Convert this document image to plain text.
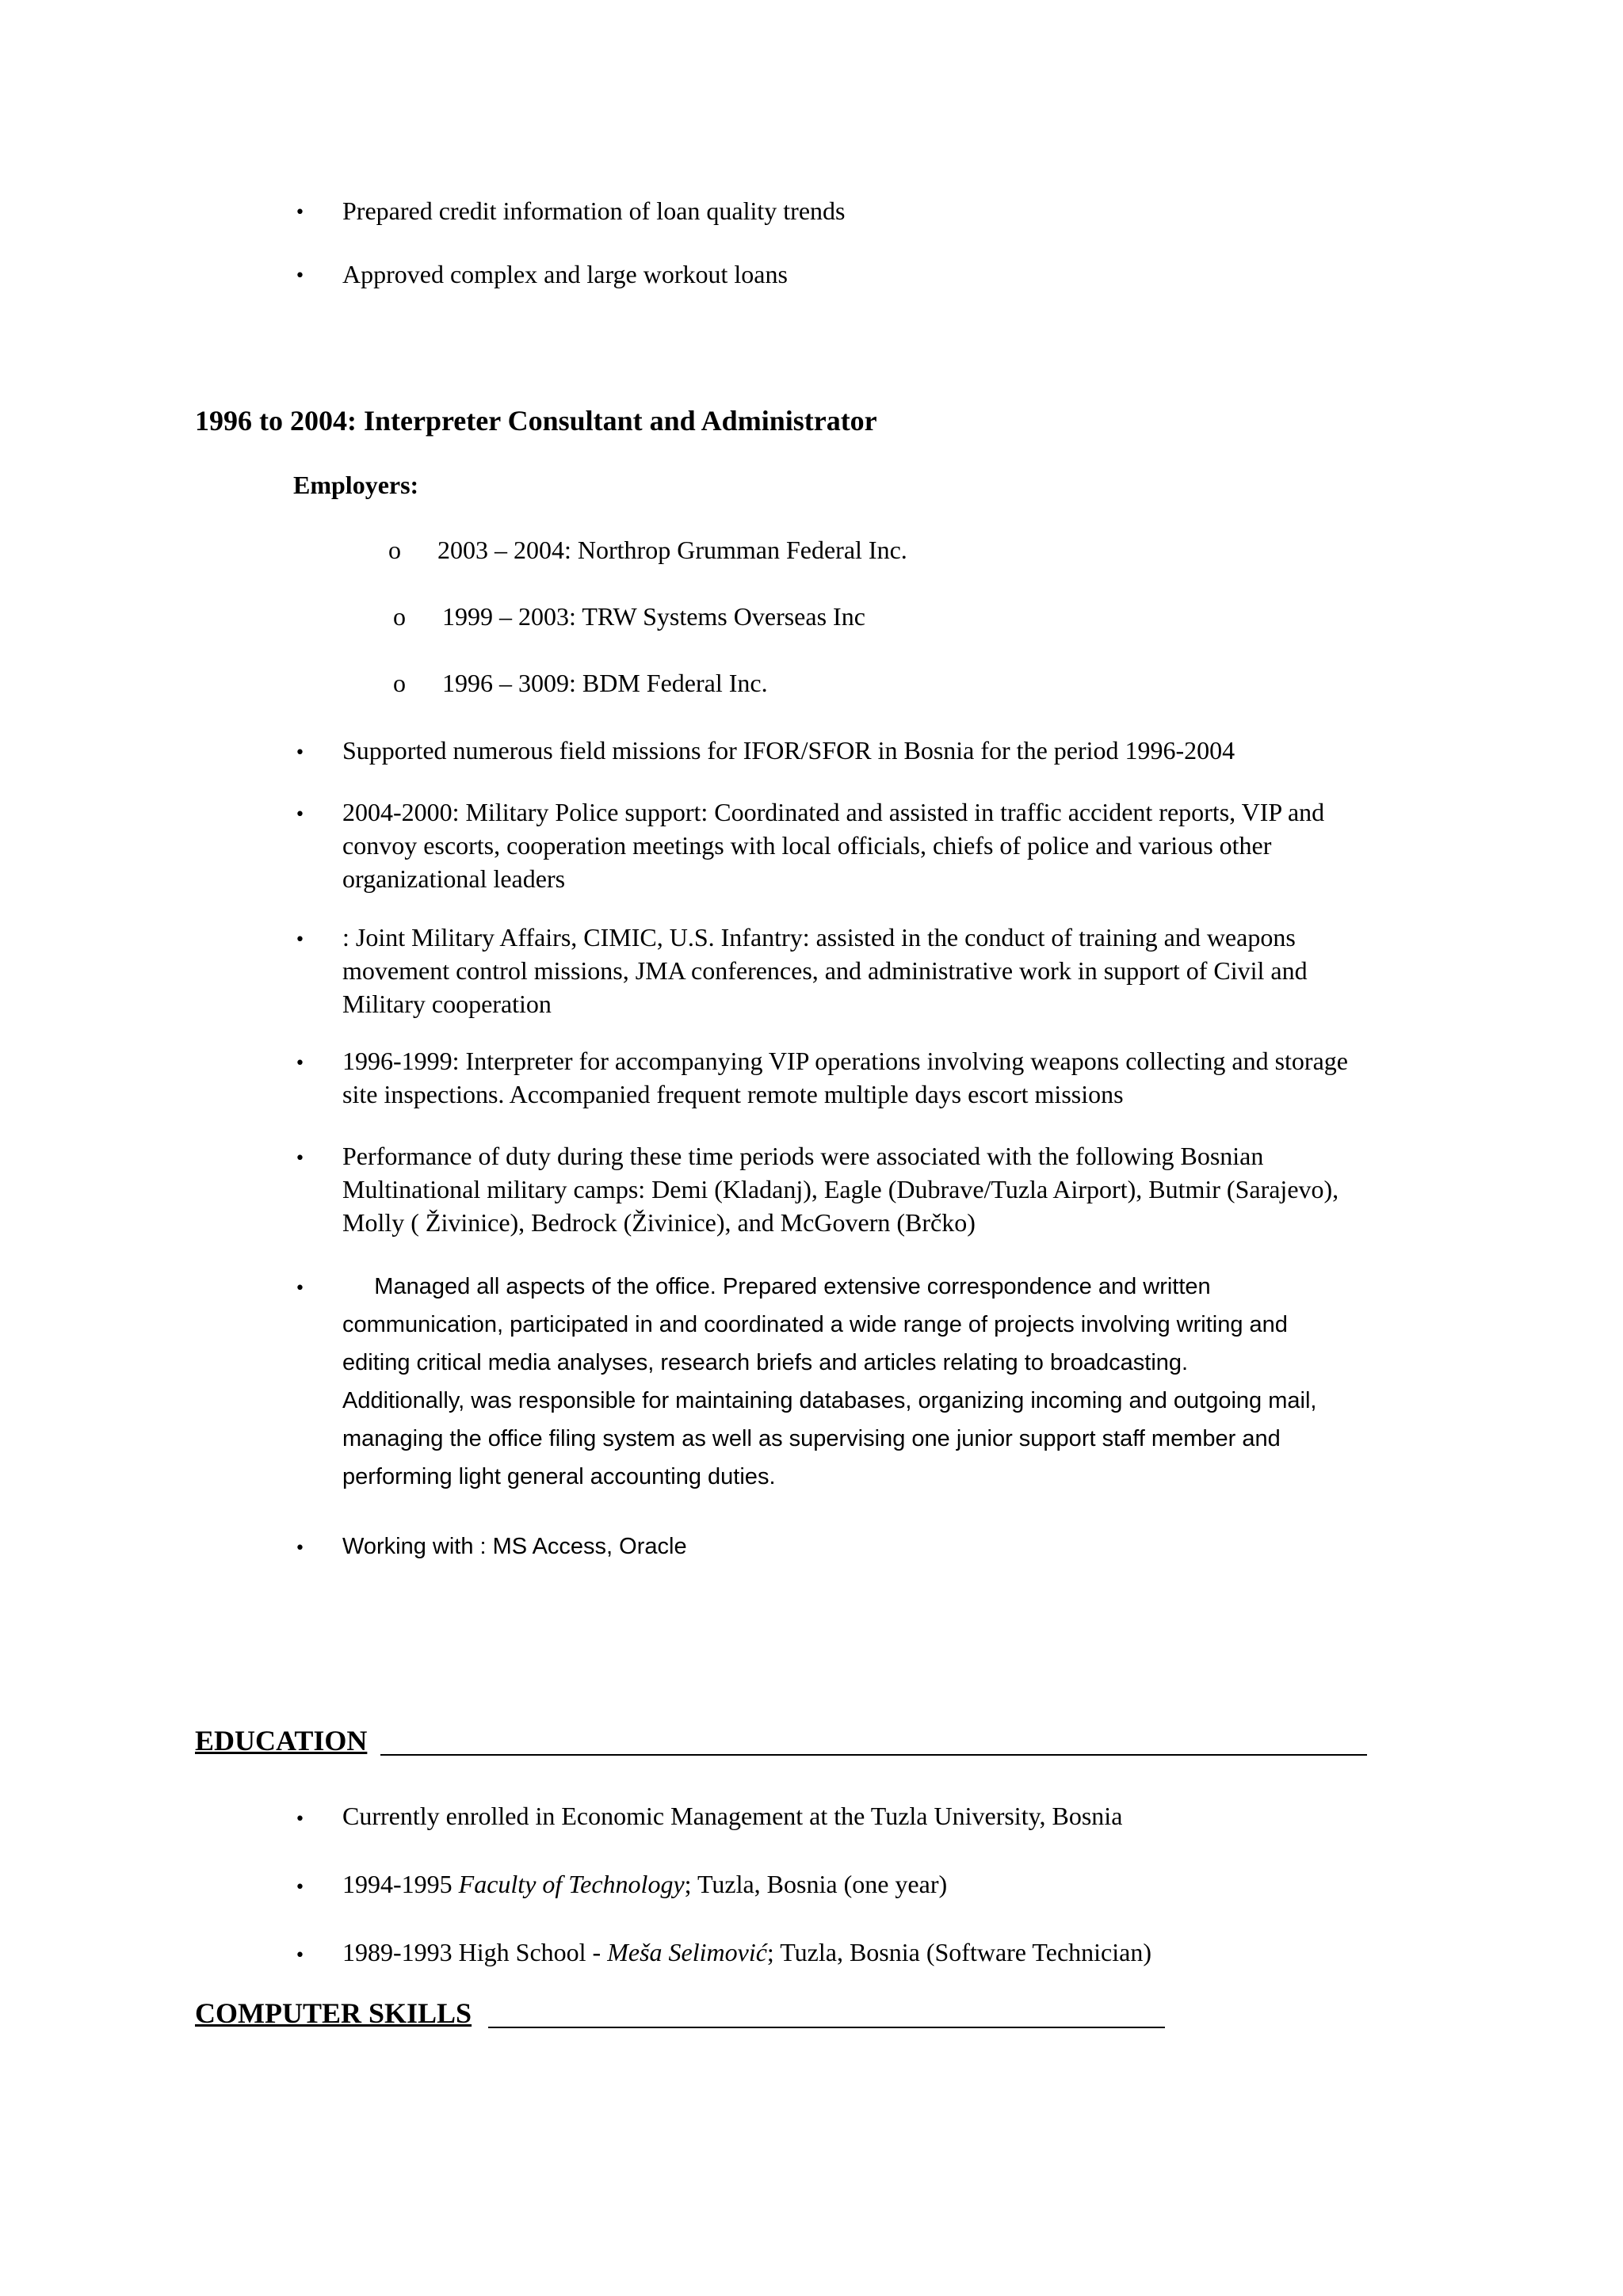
• Prepared credit information of loan quality trends
• Approved complex and large workout loans
1996 to 2004: Interpreter Consultant and Administrator
Employers:
o 2003 – 2004: Northrop Grumman Federal Inc.
o 1999 – 2003: TRW Systems Overseas Inc
o 1996 – 3009: BDM Federal Inc.
• Supported numerous field missions for IFOR/SFOR in Bosnia for the period 1996-2004
• 2004-2000: Military Police support: Coordinated and assisted in traffic accident reports, VIP and
convoy escorts, cooperation meetings with local officials, chiefs of police and various other
organizational leaders
• : Joint Military Affairs, CIMIC, U.S. Infantry: assisted in the conduct of training and weapons
movement control missions, JMA conferences, and administrative work in support of Civil and
Military cooperation
• 1996-1999: Interpreter for accompanying VIP operations involving weapons collecting and storage
site inspections. Accompanied frequent remote multiple days escort missions
• Performance of duty during these time periods were associated with the following Bosnian
Multinational military camps: Demi (Kladanj), Eagle (Dubrave/Tuzla Airport), Butmir (Sarajevo),
Molly ( Živinice), Bedrock (Živinice), and McGovern (Brčko)
• Managed all aspects of the office. Prepared extensive correspondence and written
communication, participated in and coordinated a wide range of projects involving writing and
editing critical media analyses, research briefs and articles relating to broadcasting.
Additionally, was responsible for maintaining databases, organizing incoming and outgoing mail,
managing the office filing system as well as supervising one junior support staff member and
performing light general accounting duties.
• Working with : MS Access, Oracle
EDUCATION
• Currently enrolled in Economic Management at the Tuzla University, Bosnia
• 1994-1995 Faculty of Technology; Tuzla, Bosnia (one year)
• 1989-1993 High School - Meša Selimović; Tuzla, Bosnia (Software Technician)
COMPUTER SKILLS
